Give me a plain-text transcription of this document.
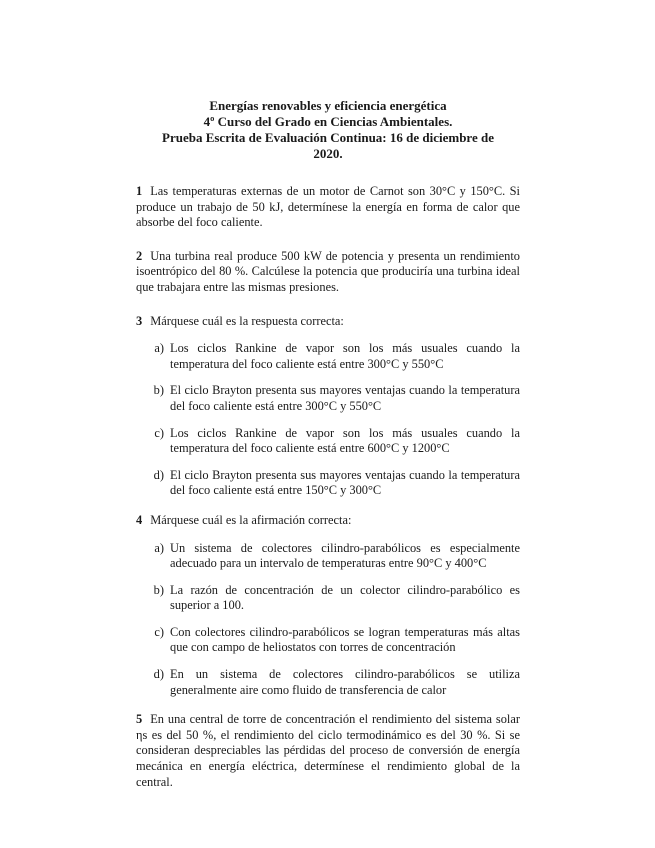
Energías renovables y eficiencia energética
4º Curso del Grado en Ciencias Ambientales.
Prueba Escrita de Evaluación Continua: 16 de diciembre de
2020.
1 Las temperaturas externas de un motor de Carnot son 30°C y 150°C. Si produce un trabajo de 50 kJ, determínese la energía en forma de calor que absorbe del foco caliente.
2 Una turbina real produce 500 kW de potencia y presenta un rendimiento isoentrópico del 80 %. Calcúlese la potencia que produciría una turbina ideal que trabajara entre las mismas presiones.
3 Márquese cuál es la respuesta correcta:
a) Los ciclos Rankine de vapor son los más usuales cuando la temperatura del foco caliente está entre 300°C y 550°C
b) El ciclo Brayton presenta sus mayores ventajas cuando la temperatura del foco caliente está entre 300°C y 550°C
c) Los ciclos Rankine de vapor son los más usuales cuando la temperatura del foco caliente está entre 600°C y 1200°C
d) El ciclo Brayton presenta sus mayores ventajas cuando la temperatura del foco caliente está entre 150°C y 300°C
4 Márquese cuál es la afirmación correcta:
a) Un sistema de colectores cilindro-parabólicos es especialmente adecuado para un intervalo de temperaturas entre 90°C y 400°C
b) La razón de concentración de un colector cilindro-parabólico es superior a 100.
c) Con colectores cilindro-parabólicos se logran temperaturas más altas que con campo de heliostatos con torres de concentración
d) En un sistema de colectores cilindro-parabólicos se utiliza generalmente aire como fluido de transferencia de calor
5 En una central de torre de concentración el rendimiento del sistema solar ηs es del 50 %, el rendimiento del ciclo termodinámico es del 30 %. Si se consideran despreciables las pérdidas del proceso de conversión de energía mecánica en energía eléctrica, determínese el rendimiento global de la central.
